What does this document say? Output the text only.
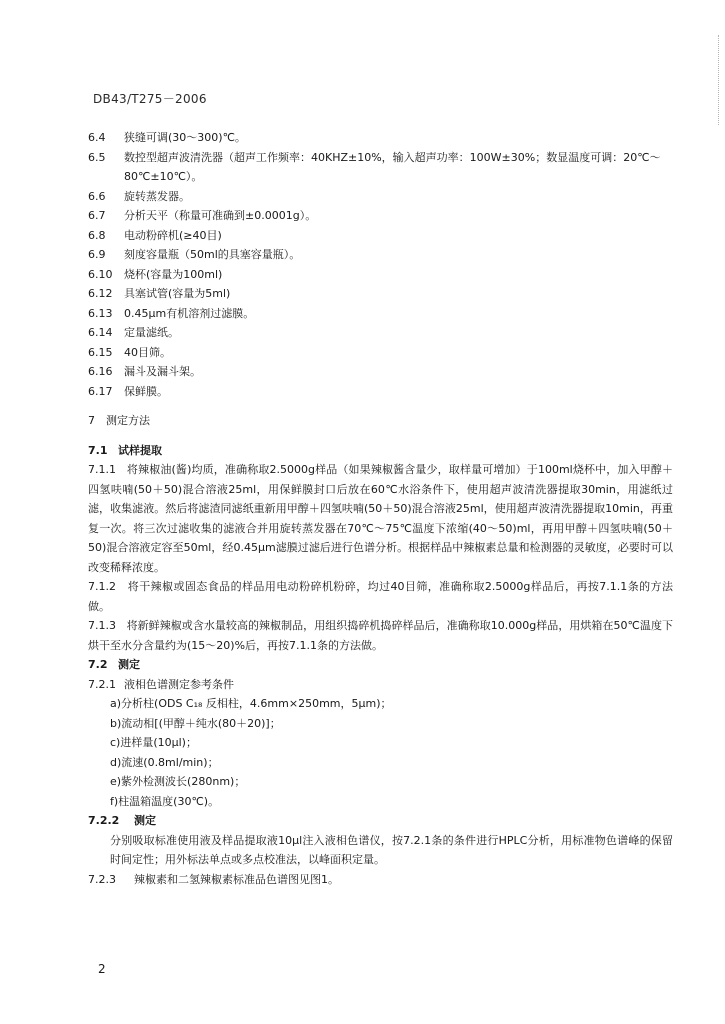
DB43/T275－2006
6.4	狭缝可调(30～300)℃。
6.5	数控型超声波清洗器（超声工作频率：40KHZ±10%，输入超声功率：100W±30%；数显温度可调：20℃～80℃±10℃）。
6.6	旋转蒸发器。
6.7	分析天平（称量可准确到±0.0001g）。
6.8	电动粉碎机(≥40目)
6.9	刻度容量瓶（50ml的具塞容量瓶）。
6.10	烧杯(容量为100ml)
6.12	具塞试管(容量为5ml)
6.13	0.45μm有机溶剂过滤膜。
6.14	定量滤纸。
6.15	40目筛。
6.16	漏斗及漏斗架。
6.17	保鲜膜。
7	测定方法
7.1 试样提取
7.1.1 将辣椒油(酱)均质，准确称取2.5000g样品（如果辣椒酱含量少，取样量可增加）于100ml烧杯中，加入甲醇＋四氢呋喃(50＋50)混合溶液25ml，用保鲜膜封口后放在60℃水浴条件下，使用超声波清洗器提取30min，用滤纸过滤，收集滤液。然后将滤渣同滤纸重新用甲醇＋四氢呋喃(50＋50)混合溶液25ml，使用超声波清洗器提取10min，再重复一次。将三次过滤收集的滤液合并用旋转蒸发器在70℃～75℃温度下浓缩(40～50)ml，再用甲醇＋四氢呋喃(50＋50)混合溶液定容至50ml，经0.45μm滤膜过滤后进行色谱分析。根据样品中辣椒素总量和检测器的灵敏度，必要时可以改变稀释浓度。
7.1.2 将干辣椒或固态食品的样品用电动粉碎机粉碎，均过40目筛，准确称取2.5000g样品后，再按7.1.1条的方法做。
7.1.3 将新鲜辣椒或含水量较高的辣椒制品，用组织捣碎机捣碎样品后，准确称取10.000g样品，用烘箱在50℃温度下烘干至水分含量约为(15～20)%后，再按7.1.1条的方法做。
7.2 测定
7.2.1 液相色谱测定参考条件
a)分析柱(ODS C₁₈ 反相柱，4.6mm×250mm，5μm)；
b)流动相[(甲醇＋纯水(80＋20)]；
c)进样量(10μl)；
d)流速(0.8ml/min)；
e)紫外检测波长(280nm)；
f)柱温箱温度(30℃)。
7.2.2	测定
分别吸取标准使用液及样品提取液10μl注入液相色谱仪，按7.2.1条的条件进行HPLC分析，用标准物色谱峰的保留时间定性；用外标法单点或多点校准法，以峰面积定量。
7.2.3	辣椒素和二氢辣椒素标准品色谱图见图1。
2
